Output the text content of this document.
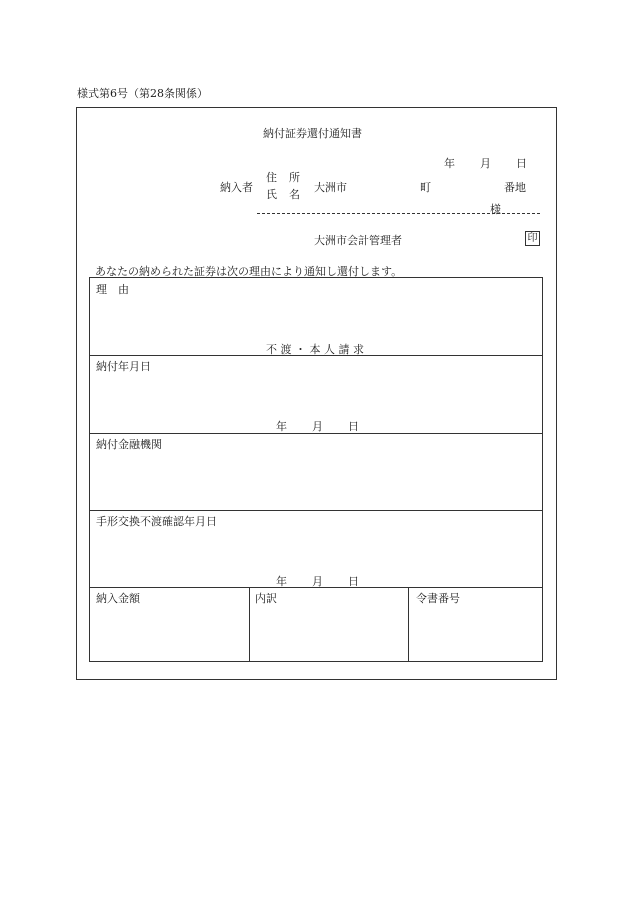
様式第6号（第28条関係）
納付証券還付通知書
年 月 日
納入者
住 所
氏 名
大洲市	町	番地
様
大洲市会計管理者	印
あなたの納められた証券は次の理由により通知し還付します。
理　由
不 渡 ・ 本 人 請 求
納付年月日
年 月 日
納付金融機関
手形交換不渡確認年月日
年 月 日
納入金額	内訳	令書番号
